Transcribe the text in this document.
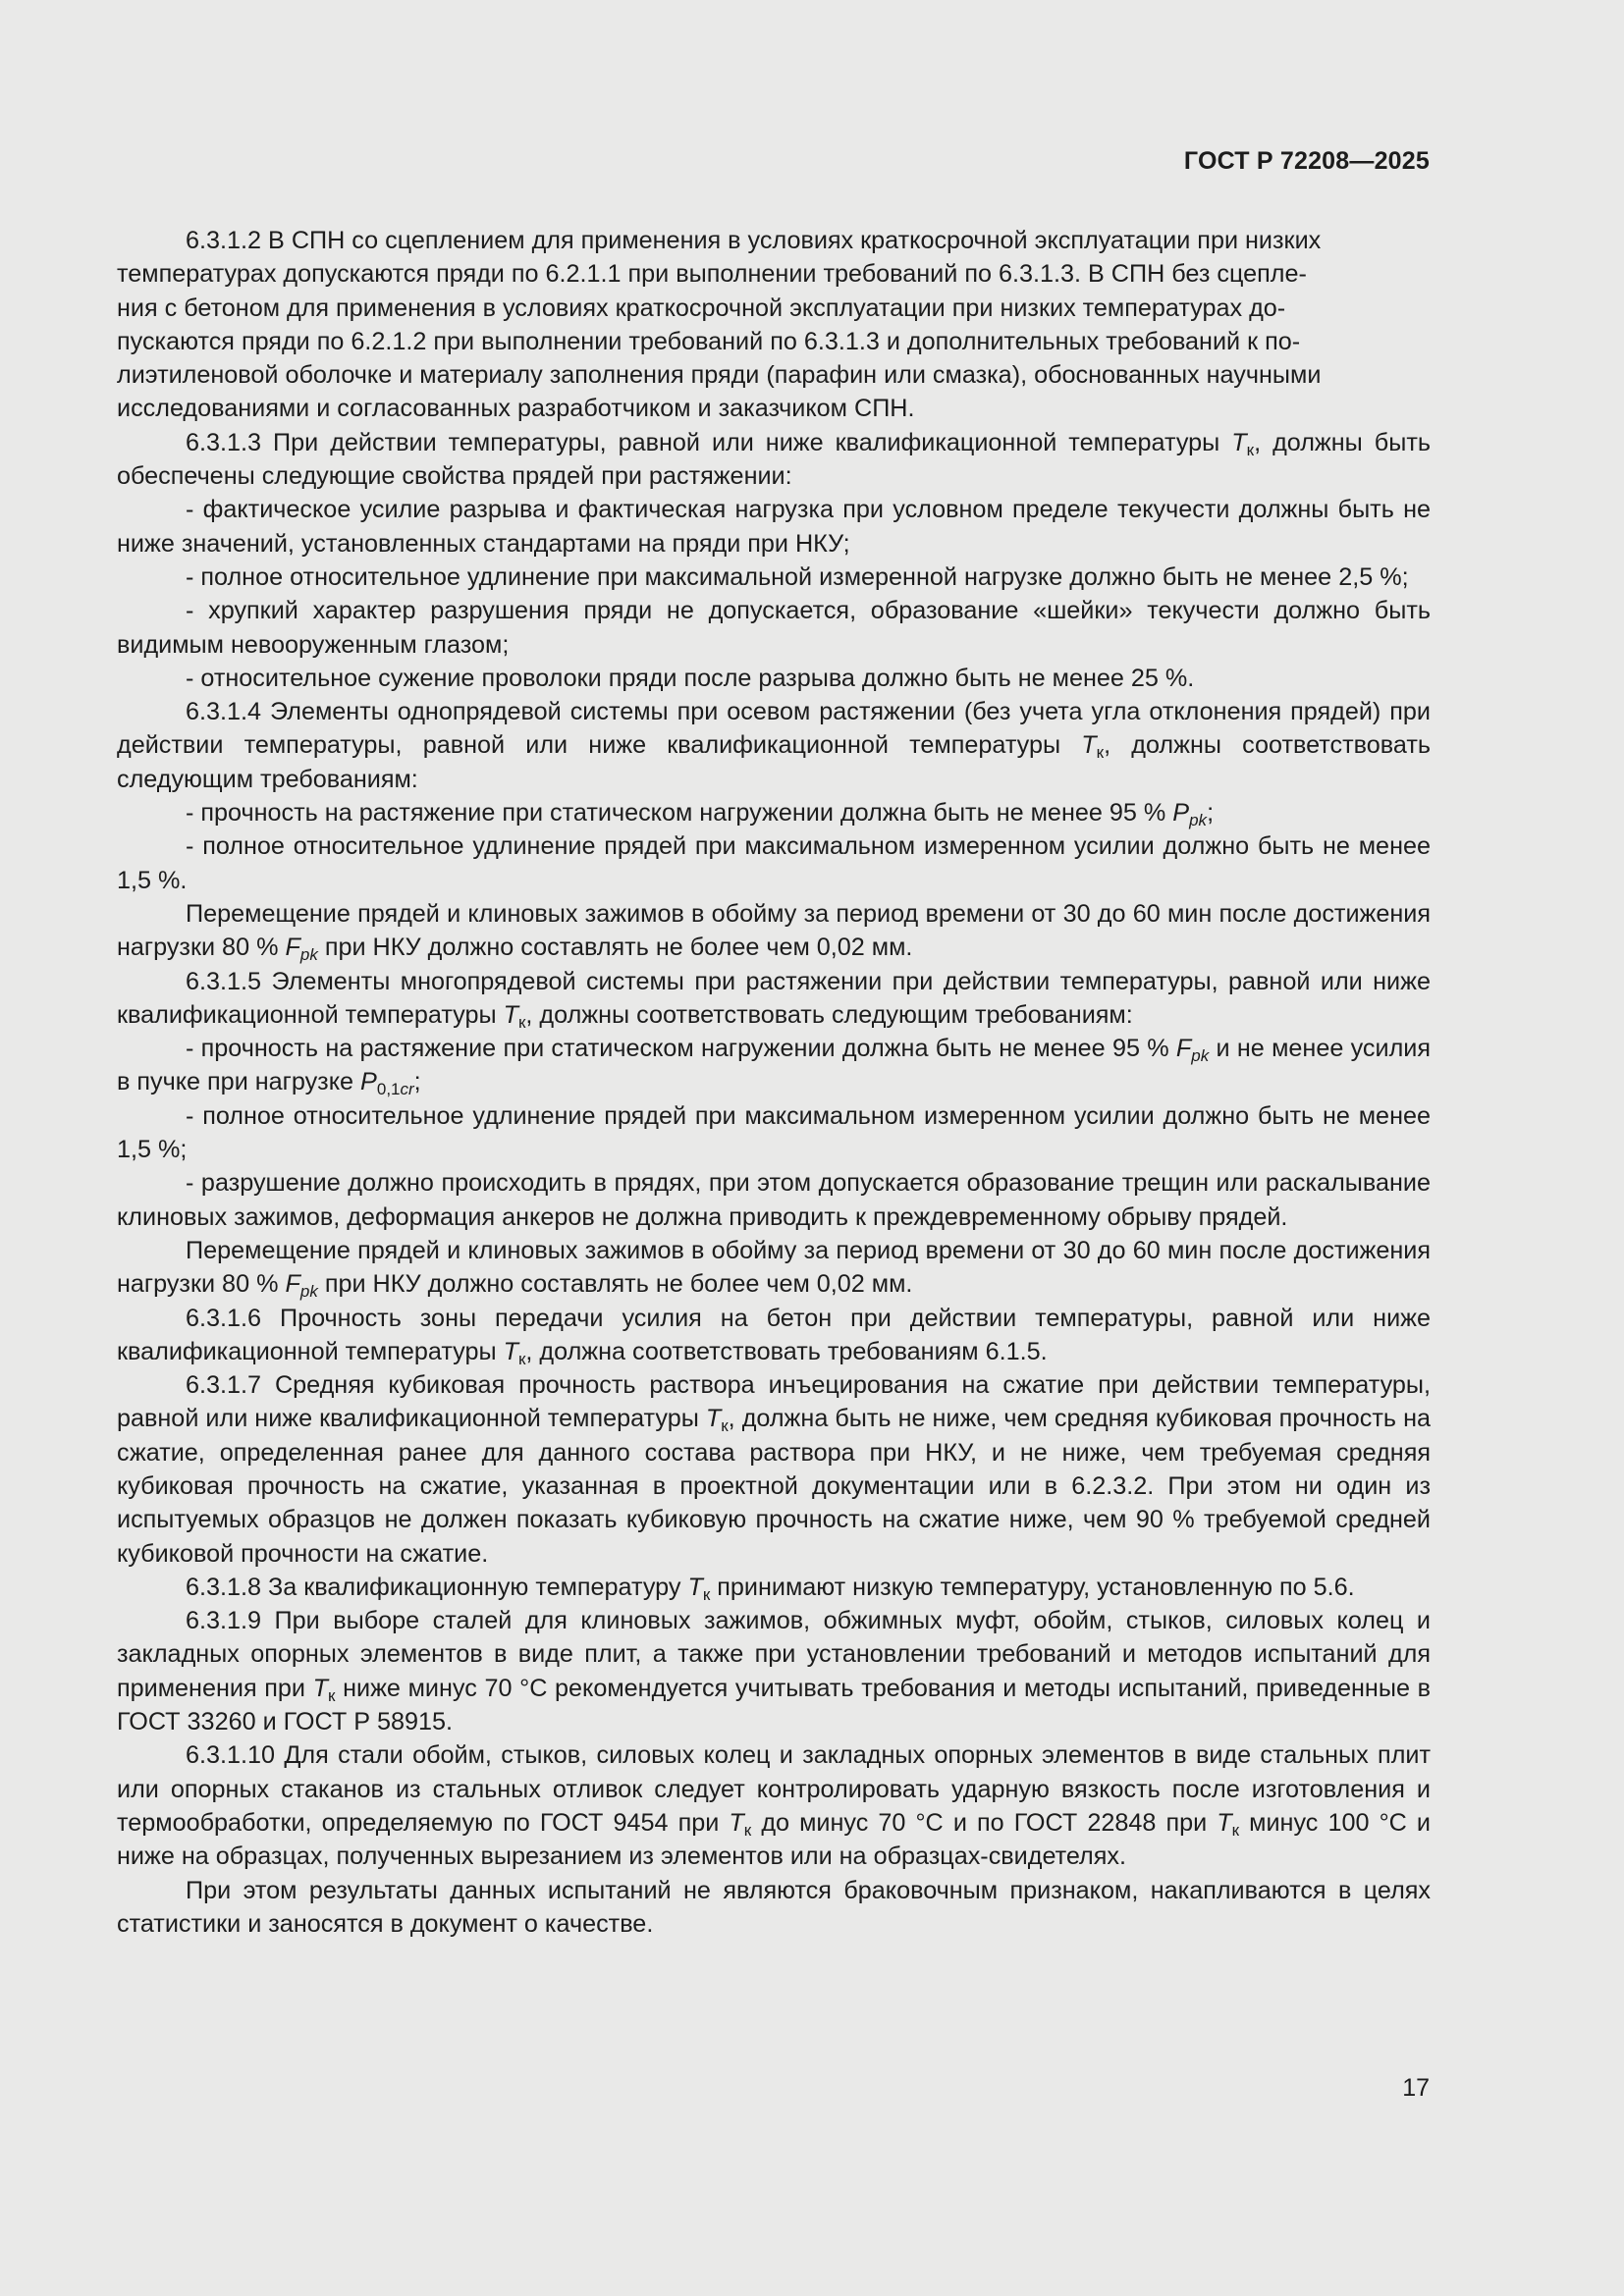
ГОСТ Р 72208—2025

6.3.1.2 В СПН со сцеплением для применения в условиях краткосрочной эксплуатации при низких
температурах допускаются пряди по 6.2.1.1 при выполнении требований по 6.3.1.3. В СПН без сцепле-
ния с бетоном для применения в условиях краткосрочной эксплуатации при низких температурах до-
пускаются пряди по 6.2.1.2 при выполнении требований по 6.3.1.3 и дополнительных требований к по-
лиэтиленовой оболочке и материалу заполнения пряди (парафин или смазка), обоснованных научными
исследованиями и согласованных разработчиком и заказчиком СПН.

6.3.1.3 При действии температуры, равной или ниже квалификационной температуры $T_к$, должны быть обеспечены следующие свойства прядей при растяжении:

- фактическое усилие разрыва и фактическая нагрузка при условном пределе текучести должны быть не ниже значений, установленных стандартами на пряди при НКУ;

- полное относительное удлинение при максимальной измеренной нагрузке должно быть не менее 2,5 %;

- хрупкий характер разрушения пряди не допускается, образование «шейки» текучести должно быть видимым невооруженным глазом;

- относительное сужение проволоки пряди после разрыва должно быть не менее 25 %.

6.3.1.4 Элементы однопрядевой системы при осевом растяжении (без учета угла отклонения прядей) при действии температуры, равной или ниже квалификационной температуры $T_к$, должны соответствовать следующим требованиям:

- прочность на растяжение при статическом нагружении должна быть не менее 95 % $P_{pk}$;

- полное относительное удлинение прядей при максимальном измеренном усилии должно быть не менее 1,5 %.

Перемещение прядей и клиновых зажимов в обойму за период времени от 30 до 60 мин после достижения нагрузки 80 % $F_{pk}$ при НКУ должно составлять не более чем 0,02 мм.

6.3.1.5 Элементы многопрядевой системы при растяжении при действии температуры, равной или ниже квалификационной температуры $T_к$, должны соответствовать следующим требованиям:

- прочность на растяжение при статическом нагружении должна быть не менее 95 % $F_{pk}$ и не менее усилия в пучке при нагрузке $P_{0,1cr}$;

- полное относительное удлинение прядей при максимальном измеренном усилии должно быть не менее 1,5 %;

- разрушение должно происходить в прядях, при этом допускается образование трещин или раскалывание клиновых зажимов, деформация анкеров не должна приводить к преждевременному обрыву прядей.

Перемещение прядей и клиновых зажимов в обойму за период времени от 30 до 60 мин после достижения нагрузки 80 % $F_{pk}$ при НКУ должно составлять не более чем 0,02 мм.

6.3.1.6 Прочность зоны передачи усилия на бетон при действии температуры, равной или ниже квалификационной температуры $T_к$, должна соответствовать требованиям 6.1.5.

6.3.1.7 Средняя кубиковая прочность раствора инъецирования на сжатие при действии температуры, равной или ниже квалификационной температуры $T_к$, должна быть не ниже, чем средняя кубиковая прочность на сжатие, определенная ранее для данного состава раствора при НКУ, и не ниже, чем требуемая средняя кубиковая прочность на сжатие, указанная в проектной документации или в 6.2.3.2. При этом ни один из испытуемых образцов не должен показать кубиковую прочность на сжатие ниже, чем 90 % требуемой средней кубиковой прочности на сжатие.

6.3.1.8 За квалификационную температуру $T_к$ принимают низкую температуру, установленную по 5.6.

6.3.1.9 При выборе сталей для клиновых зажимов, обжимных муфт, обойм, стыков, силовых колец и закладных опорных элементов в виде плит, а также при установлении требований и методов испытаний для применения при $T_к$ ниже минус 70 °C рекомендуется учитывать требования и методы испытаний, приведенные в ГОСТ 33260 и ГОСТ Р 58915.

6.3.1.10 Для стали обойм, стыков, силовых колец и закладных опорных элементов в виде стальных плит или опорных стаканов из стальных отливок следует контролировать ударную вязкость после изготовления и термообработки, определяемую по ГОСТ 9454 при $T_к$ до минус 70 °C и по ГОСТ 22848 при $T_к$ минус 100 °C и ниже на образцах, полученных вырезанием из элементов или на образцах-свидетелях.

При этом результаты данных испытаний не являются браковочным признаком, накапливаются в целях статистики и заносятся в документ о качестве.

17
